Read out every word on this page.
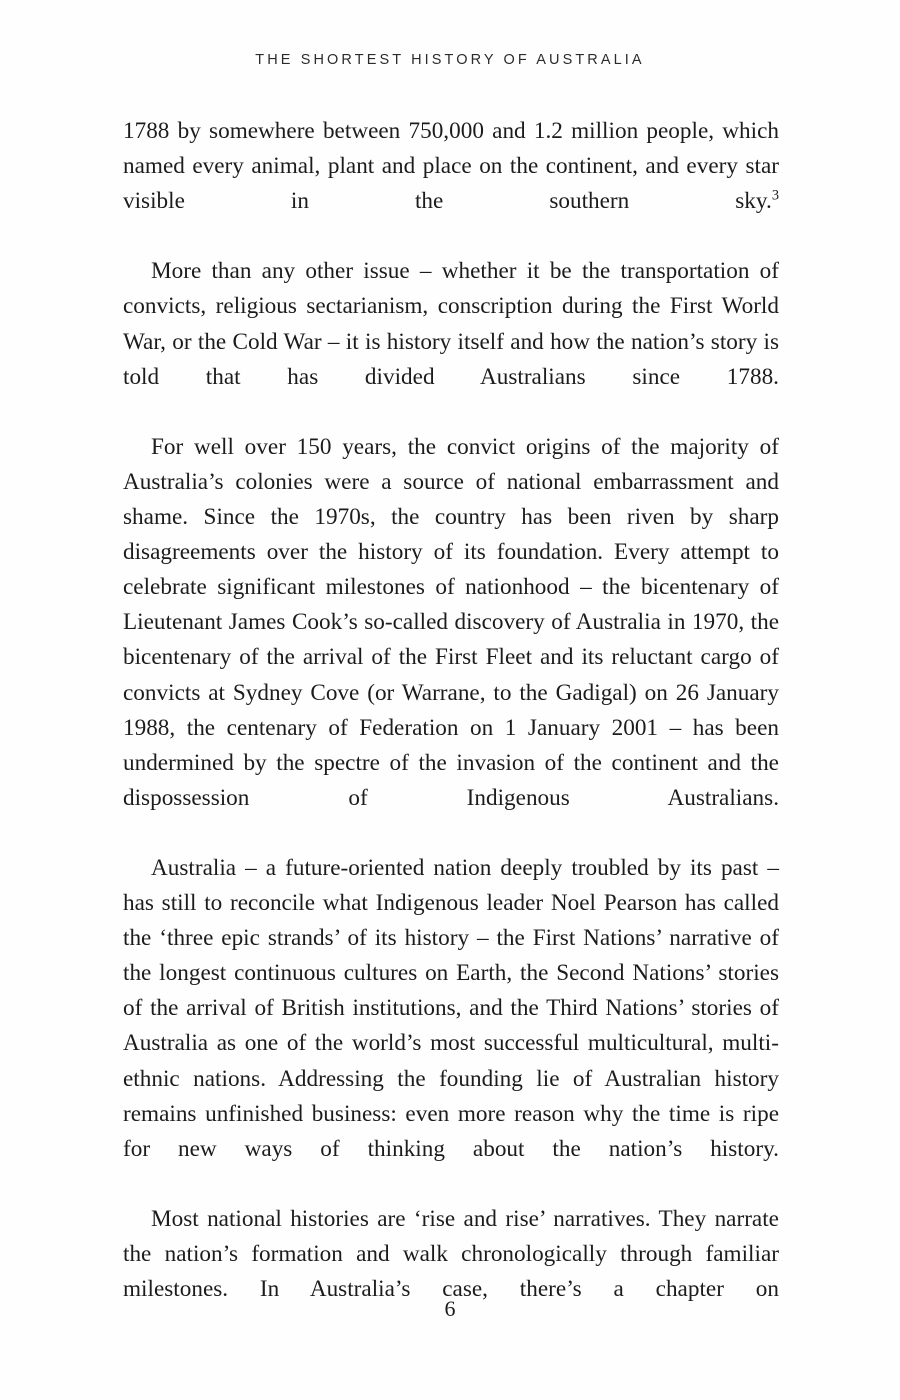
THE SHORTEST HISTORY OF AUSTRALIA

1788 by somewhere between 750,000 and 1.2 million people, which named every animal, plant and place on the continent, and every star visible in the southern sky.$^3$

More than any other issue – whether it be the transportation of convicts, religious sectarianism, conscription during the First World War, or the Cold War – it is history itself and how the nation’s story is told that has divided Australians since 1788.

For well over 150 years, the convict origins of the majority of Australia’s colonies were a source of national embarrassment and shame. Since the 1970s, the country has been riven by sharp disagreements over the history of its foundation. Every attempt to celebrate significant milestones of nationhood – the bicentenary of Lieutenant James Cook’s so-called discovery of Australia in 1970, the bicentenary of the arrival of the First Fleet and its reluctant cargo of convicts at Sydney Cove (or Warrane, to the Gadigal) on 26 January 1988, the centenary of Federation on 1 January 2001 – has been undermined by the spectre of the invasion of the continent and the dispossession of Indigenous Australians.

Australia – a future-oriented nation deeply troubled by its past – has still to reconcile what Indigenous leader Noel Pearson has called the ‘three epic strands’ of its history – the First Nations’ narrative of the longest continuous cultures on Earth, the Second Nations’ stories of the arrival of British institutions, and the Third Nations’ stories of Australia as one of the world’s most successful multicultural, multi-ethnic nations. Addressing the founding lie of Australian history remains unfinished business: even more reason why the time is ripe for new ways of thinking about the nation’s history.

Most national histories are ‘rise and rise’ narratives. They narrate the nation’s formation and walk chronologically through familiar milestones. In Australia’s case, there’s a chapter on

6
